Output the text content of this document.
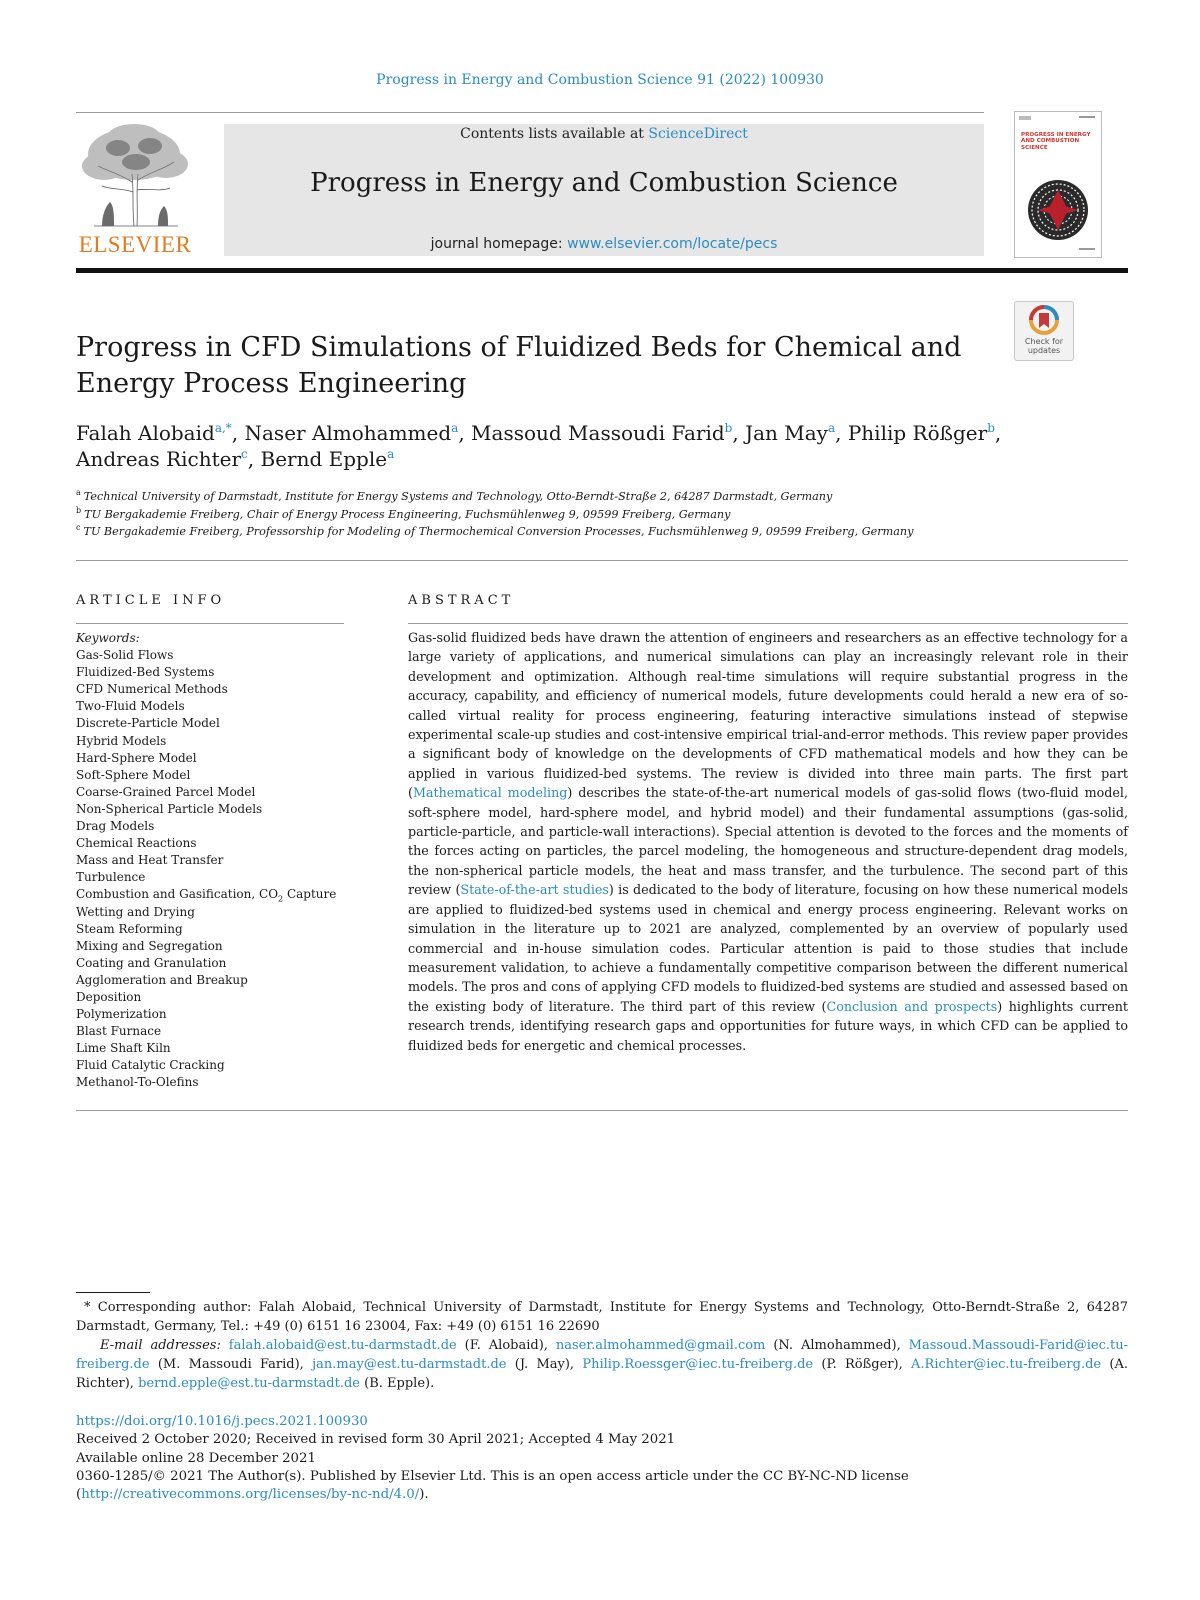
Progress in Energy and Combustion Science 91 (2022) 100930
ELSEVIER
Contents lists available at ScienceDirect
Progress in Energy and Combustion Science
journal homepage: www.elsevier.com/locate/pecs
PROGRESS IN ENERGY AND COMBUSTION SCIENCE
Check for updates
Progress in CFD Simulations of Fluidized Beds for Chemical and Energy Process Engineering
Falah Alobaid$^{a,*}$, Naser Almohammed$^a$, Massoud Massoudi Farid$^b$, Jan May$^a$, Philip Rößger$^b$,
Andreas Richter$^c$, Bernd Epple$^a$
$^a$ Technical University of Darmstadt, Institute for Energy Systems and Technology, Otto-Berndt-Straße 2, 64287 Darmstadt, Germany
$^b$ TU Bergakademie Freiberg, Chair of Energy Process Engineering, Fuchsmühlenweg 9, 09599 Freiberg, Germany
$^c$ TU Bergakademie Freiberg, Professorship for Modeling of Thermochemical Conversion Processes, Fuchsmühlenweg 9, 09599 Freiberg, Germany
ARTICLE INFO
Keywords:
Gas-Solid Flows
Fluidized-Bed Systems
CFD Numerical Methods
Two-Fluid Models
Discrete-Particle Model
Hybrid Models
Hard-Sphere Model
Soft-Sphere Model
Coarse-Grained Parcel Model
Non-Spherical Particle Models
Drag Models
Chemical Reactions
Mass and Heat Transfer
Turbulence
Combustion and Gasification, $CO_2$ Capture
Wetting and Drying
Steam Reforming
Mixing and Segregation
Coating and Granulation
Agglomeration and Breakup
Deposition
Polymerization
Blast Furnace
Lime Shaft Kiln
Fluid Catalytic Cracking
Methanol-To-Olefins
ABSTRACT
Gas-solid fluidized beds have drawn the attention of engineers and researchers as an effective technology for a large variety of applications, and numerical simulations can play an increasingly relevant role in their development and optimization. Although real-time simulations will require substantial progress in the accuracy, capability, and efficiency of numerical models, future developments could herald a new era of so-called virtual reality for process engineering, featuring interactive simulations instead of stepwise experimental scale-up studies and cost-intensive empirical trial-and-error methods. This review paper provides a significant body of knowledge on the developments of CFD mathematical models and how they can be applied in various fluidized-bed systems. The review is divided into three main parts. The first part (Mathematical modeling) describes the state-of-the-art numerical models of gas-solid flows (two-fluid model, soft-sphere model, hard-sphere model, and hybrid model) and their fundamental assumptions (gas-solid, particle-particle, and particle-wall interactions). Special attention is devoted to the forces and the moments of the forces acting on particles, the parcel modeling, the homogeneous and structure-dependent drag models, the non-spherical particle models, the heat and mass transfer, and the turbulence. The second part of this review (State-of-the-art studies) is dedicated to the body of literature, focusing on how these numerical models are applied to fluidized-bed systems used in chemical and energy process engineering. Relevant works on simulation in the literature up to 2021 are analyzed, complemented by an overview of popularly used commercial and in-house simulation codes. Particular attention is paid to those studies that include measurement validation, to achieve a fundamentally competitive comparison between the different numerical models. The pros and cons of applying CFD models to fluidized-bed systems are studied and assessed based on the existing body of literature. The third part of this review (Conclusion and prospects) highlights current research trends, identifying research gaps and opportunities for future ways, in which CFD can be applied to fluidized beds for energetic and chemical processes.
* Corresponding author: Falah Alobaid, Technical University of Darmstadt, Institute for Energy Systems and Technology, Otto-Berndt-Straße 2, 64287 Darmstadt, Germany, Tel.: +49 (0) 6151 16 23004, Fax: +49 (0) 6151 16 22690
E-mail addresses: falah.alobaid@est.tu-darmstadt.de (F. Alobaid), naser.almohammed@gmail.com (N. Almohammed), Massoud.Massoudi-Farid@iec.tu-freiberg.de (M. Massoudi Farid), jan.may@est.tu-darmstadt.de (J. May), Philip.Roessger@iec.tu-freiberg.de (P. Rößger), A.Richter@iec.tu-freiberg.de (A. Richter), bernd.epple@est.tu-darmstadt.de (B. Epple).
https://doi.org/10.1016/j.pecs.2021.100930
Received 2 October 2020; Received in revised form 30 April 2021; Accepted 4 May 2021
Available online 28 December 2021
0360-1285/© 2021 The Author(s). Published by Elsevier Ltd. This is an open access article under the CC BY-NC-ND license (http://creativecommons.org/licenses/by-nc-nd/4.0/).
